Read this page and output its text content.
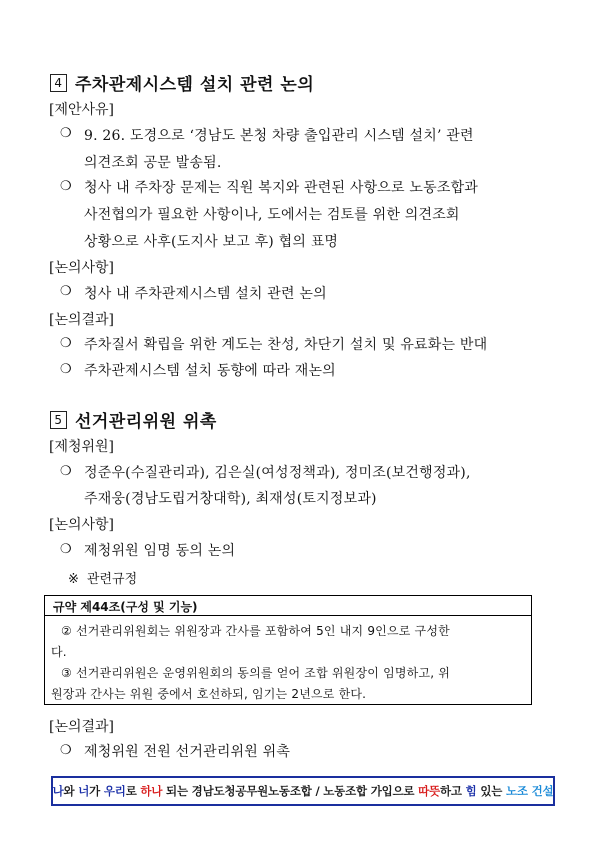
4 주차관제시스템 설치 관련 논의
[제안사유]
❍ 9. 26. 도경으로 ‘경남도 본청 차량 출입관리 시스템 설치’ 관련
의견조회 공문 발송됨.
❍ 청사 내 주차장 문제는 직원 복지와 관련된 사항으로 노동조합과
사전협의가 필요한 사항이나, 도에서는 검토를 위한 의견조회
상황으로 사후(도지사 보고 후) 협의 표명
[논의사항]
❍ 청사 내 주차관제시스템 설치 관련 논의
[논의결과]
❍ 주차질서 확립을 위한 계도는 찬성, 차단기 설치 및 유료화는 반대
❍ 주차관제시스템 설치 동향에 따라 재논의
5 선거관리위원 위촉
[제청위원]
❍ 정준우(수질관리과), 김은실(여성정책과), 정미조(보건행정과),
주재웅(경남도립거창대학), 최재성(토지정보과)
[논의사항]
❍ 제청위원 임명 동의 논의
※ 관련규정
규약 제44조(구성 및 기능)
② 선거관리위원회는 위원장과 간사를 포함하여 5인 내지 9인으로 구성한
다.
③ 선거관리위원은 운영위원회의 동의를 얻어 조합 위원장이 임명하고, 위
원장과 간사는 위원 중에서 호선하되, 임기는 2년으로 한다.
[논의결과]
❍ 제청위원 전원 선거관리위원 위촉
나 와 너 가 우리 로 하나 되는 경남도청공무원노동조합 / 노동조합 가입으로 따뜻 하고 힘 있는 노조 건설
